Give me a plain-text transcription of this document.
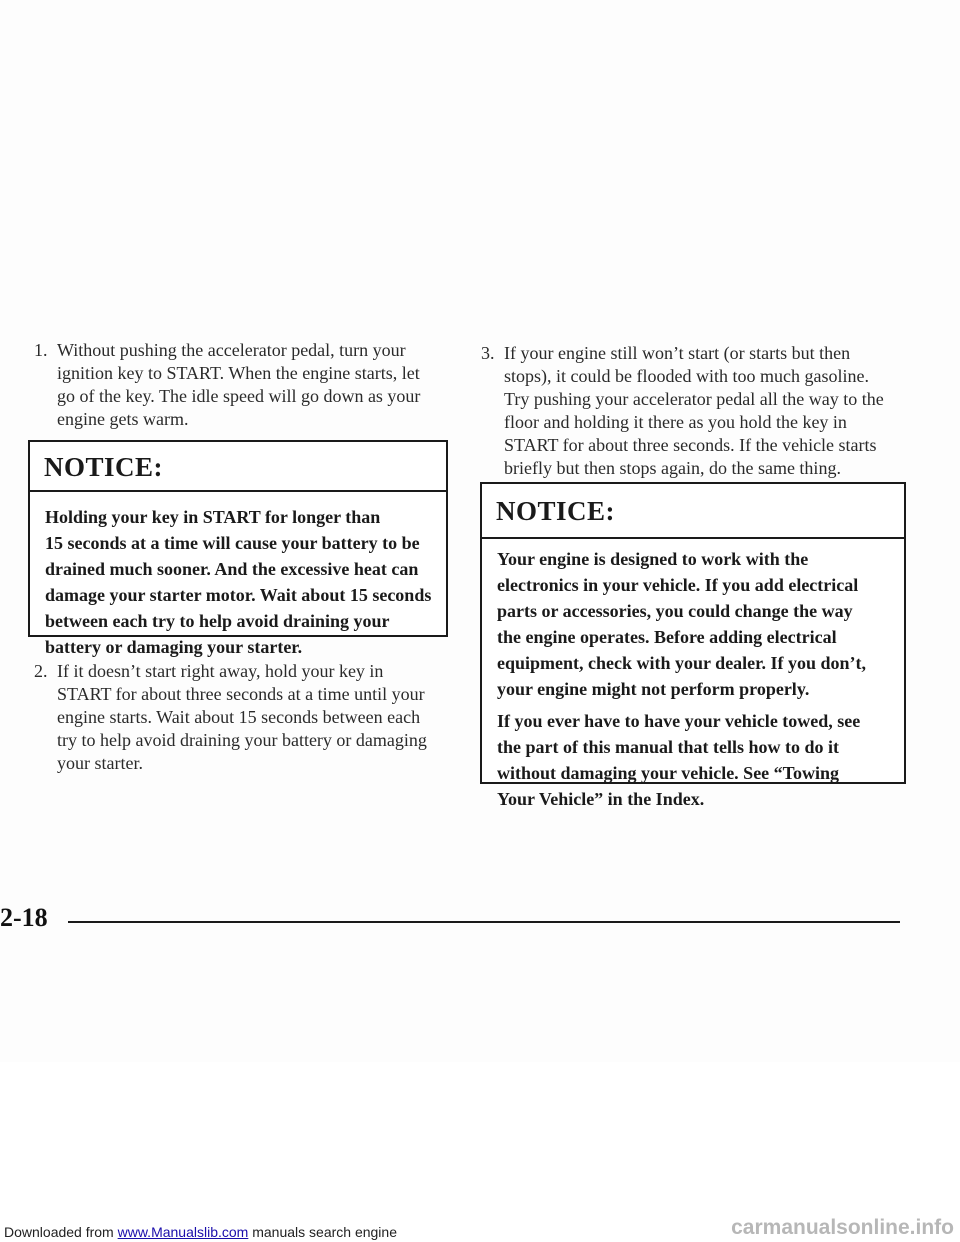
1. Without pushing the accelerator pedal, turn your
ignition key to START. When the engine starts, let
go of the key. The idle speed will go down as your
engine gets warm.
NOTICE:

Holding your key in START for longer than

15 seconds at a time will cause your battery to be

drained much sooner. And the excessive heat can

damage your starter motor. Wait about 15 seconds

between each try to help avoid draining your

battery or damaging your starter.

2. If it doesn’t start right away, hold your key in
START for about three seconds at a time until your
engine starts. Wait about 15 seconds between each
try to help avoid draining your battery or damaging
your starter.
3. If your engine still won’t start (or starts but then
stops), it could be flooded with too much gasoline.
Try pushing your accelerator pedal all the way to the
floor and holding it there as you hold the key in
START for about three seconds. If the vehicle starts
briefly but then stops again, do the same thing.
NOTICE:

Your engine is designed to work with the

electronics in your vehicle. If you add electrical

parts or accessories, you could change the way

the engine operates. Before adding electrical

equipment, check with your dealer. If you don’t,

your engine might not perform properly.

If you ever have to have your vehicle towed, see

the part of this manual that tells how to do it

without damaging your vehicle. See “Towing

Your Vehicle” in the Index.

2-18
Downloaded from www.Manualslib.com manuals search engine	carmanualsonline.info
